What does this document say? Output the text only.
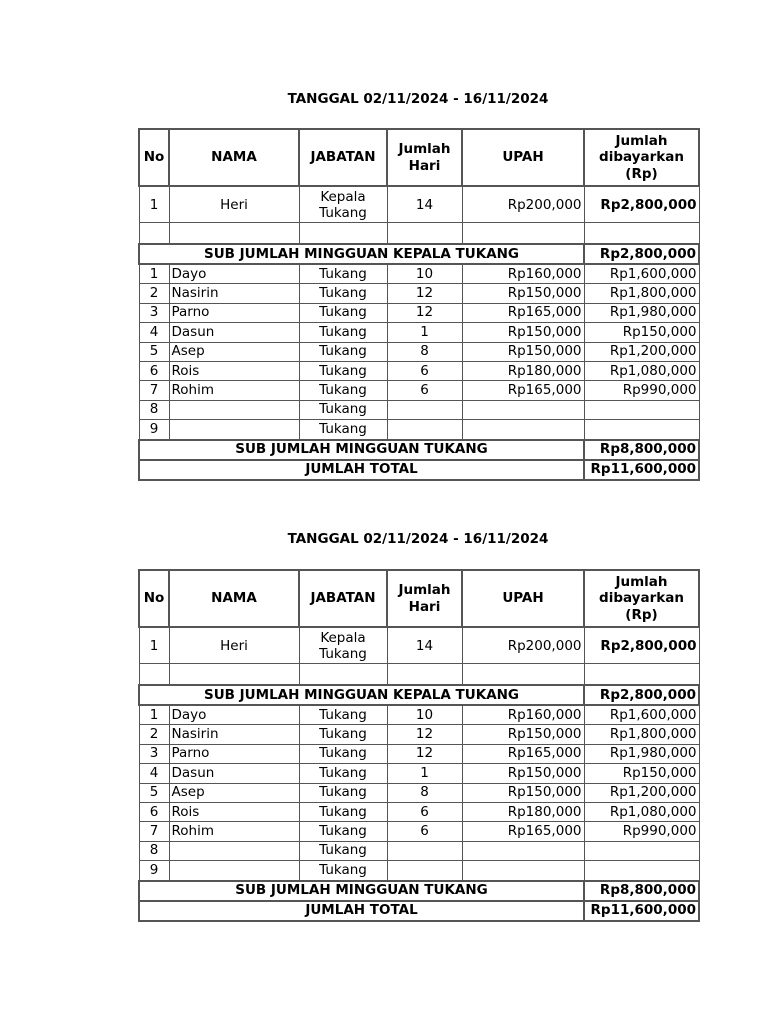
TANGGAL 02/11/2024 - 16/11/2024
No	NAMA	JABATAN	Jumlah Hari	UPAH	Jumlah dibayarkan (Rp)
1	Heri	Kepala Tukang	14	Rp200,000	Rp2,800,000

SUB JUMLAH MINGGUAN KEPALA TUKANG					Rp2,800,000
1	Dayo	Tukang	10	Rp160,000	Rp1,600,000
2	Nasirin	Tukang	12	Rp150,000	Rp1,800,000
3	Parno	Tukang	12	Rp165,000	Rp1,980,000
4	Dasun	Tukang	1	Rp150,000	Rp150,000
5	Asep	Tukang	8	Rp150,000	Rp1,200,000
6	Rois	Tukang	6	Rp180,000	Rp1,080,000
7	Rohim	Tukang	6	Rp165,000	Rp990,000
8		Tukang			
9		Tukang			
SUB JUMLAH MINGGUAN TUKANG					Rp8,800,000
JUMLAH TOTAL					Rp11,600,000
TANGGAL 02/11/2024 - 16/11/2024
No	NAMA	JABATAN	Jumlah Hari	UPAH	Jumlah dibayarkan (Rp)
1	Heri	Kepala Tukang	14	Rp200,000	Rp2,800,000

SUB JUMLAH MINGGUAN KEPALA TUKANG					Rp2,800,000
1	Dayo	Tukang	10	Rp160,000	Rp1,600,000
2	Nasirin	Tukang	12	Rp150,000	Rp1,800,000
3	Parno	Tukang	12	Rp165,000	Rp1,980,000
4	Dasun	Tukang	1	Rp150,000	Rp150,000
5	Asep	Tukang	8	Rp150,000	Rp1,200,000
6	Rois	Tukang	6	Rp180,000	Rp1,080,000
7	Rohim	Tukang	6	Rp165,000	Rp990,000
8		Tukang			
9		Tukang			
SUB JUMLAH MINGGUAN TUKANG					Rp8,800,000
JUMLAH TOTAL					Rp11,600,000
